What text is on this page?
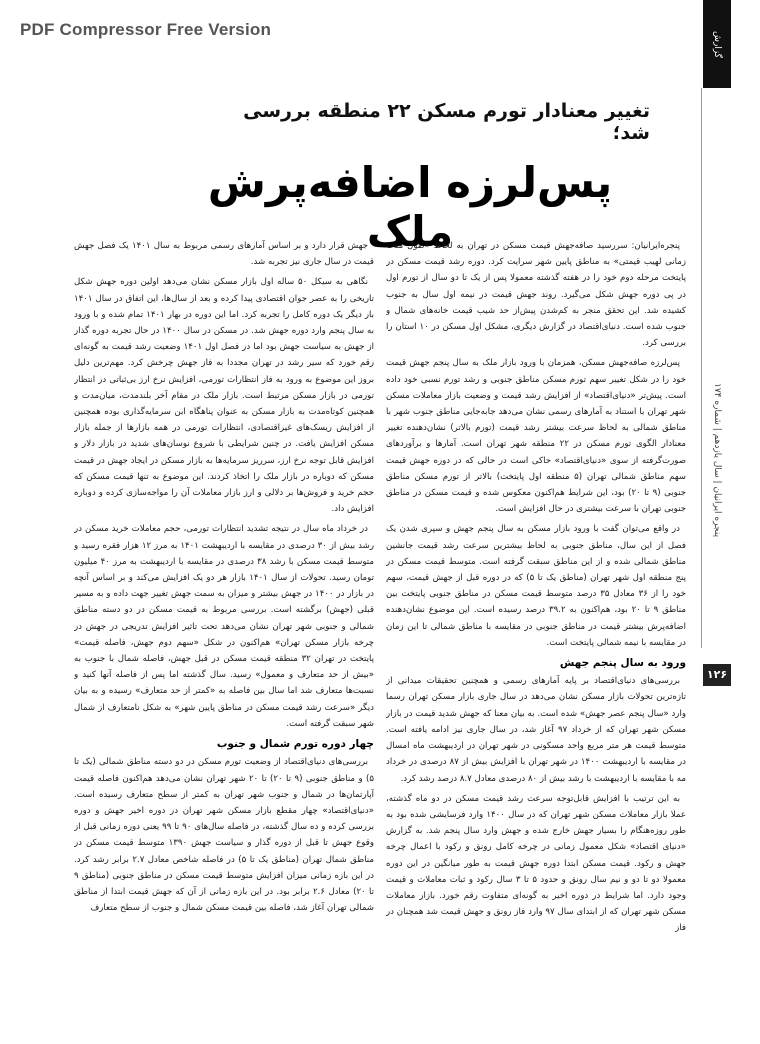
PDF Compressor Free Version
گزارش
پنجره ایرانیان | سال یازدهم | شماره ۱۷۴
۱۲۶
تغییر معنادار تورم مسکن ۲۲ منطقه بررسی شد؛
پس‌لرزه اضافه‌پرش ملک

پنجره‌ایرانیان: سررسید صافه‌جهش قیمت مسکن در تهران به لحاظ «طول مدت زمانی لهیب قیمتی» به مناطق پایین شهر سرایت کرد. دوره رشد قیمت مسکن در پایتخت مرحله دوم خود را در هفته گذشته معمولا پس از یک تا دو سال از تورم اول در پی دوره جهش شکل می‌گیرد. روند جهش قیمت در نیمه اول سال به جنوب کشیده شد. این تحقق منجر به کم‌شدن پیش‌از حد شیب قیمت خانه‌های شمال و جنوب شده است. دنیای‌اقتصاد در گزارش دیگری، مشکل اول مسکن در ۱۰ استان را بررسی کرد.

پس‌لرزه صافه‌جهش مسکن، همزمان با ورود بازار ملک به سال پنجم جهش قیمت خود را در شکل تغییر سهم تورم مسکن مناطق جنوبی و رشد تورم نسبی خود داده است. پیش‌تر «دنیای‌اقتصاد» از افزایش رشد قیمت و وضعیت بازار معاملات مسکن شهر تهران با استناد به آمارهای رسمی نشان می‌دهد جابه‌جایی مناطق جنوب شهر با مناطق شمالی به لحاظ سرعت بیشتر رشد قیمت (تورم بالاتر) نشان‌دهنده تغییر معنادار الگوی تورم مسکن در ۲۲ منطقه شهر تهران است. آمارها و برآوردهای صورت‌گرفته از سوی «دنیای‌اقتصاد» حاکی است در حالی که در دوره جهش قیمت سهم مناطق شمالی تهران (۵ منطقه اول پایتخت) بالاتر از تورم مسکن مناطق جنوبی (۹ تا ۲۰) بود، این شرایط هم‌اکنون معکوس شده و قیمت مسکن در مناطق جنوبی تهران با سرعت بیشتری در حال افزایش است.

در واقع می‌توان گفت با ورود بازار مسکن به سال پنجم جهش و سپری شدن یک فصل از این سال، مناطق جنوبی به لحاظ بیشترین سرعت رشد قیمت جانشین مناطق شمالی شده و از این مناطق سبقت گرفته است. متوسط قیمت مسکن در پنج منطقه اول شهر تهران (مناطق یک تا ۵) که در دوره قبل از جهش قیمت، سهم خود را از ۳۶ معادل ۳۵ درصد متوسط قیمت مسکن در مناطق جنوبی پایتخت بین مناطق ۹ تا ۲۰ بود، هم‌اکنون به ۳۹.۲ درصد رسیده است. این موضوع نشان‌دهنده اضافه‌پرش بیشتر قیمت در مناطق جنوبی در مقایسه با مناطق شمالی تا این زمان در مقایسه با نیمه شمالی پایتخت است.

ورود به سال پنجم جهش

بررسی‌های دنیای‌اقتصاد بر پایه آمارهای رسمی و همچنین تحقیقات میدانی از تازه‌ترین تحولات بازار مسکن نشان می‌دهد در سال جاری بازار مسکن تهران رسما وارد «سال پنجم عصر جهش» شده است. به بیان معنا که جهش شدید قیمت در بازار مسکن شهر تهران که از خرداد ۹۷ آغاز شد، در سال جاری نیز ادامه یافته است. متوسط قیمت هر متر مربع واحد مسکونی در شهر تهران در اردیبهشت ماه امسال در مقایسه با اردیبهشت ۱۴۰۰ در شهر تهران با افزایش بیش از ۸۷ درصدی در خرداد مه با مقایسه با اردیبهشت با رشد بیش از ۸۰ درصدی معادل ۸.۷ درصد رشد کرد.

به این ترتیب با افزایش قابل‌توجه سرعت رشد قیمت مسکن در دو ماه گذشته، عملا بازار معاملات مسکن شهر تهران که در سال ۱۴۰۰ وارد فرسایشی شده بود به طور روزه‌هنگام را بسیار جهش خارج شده و جهش وارد سال پنجم شد. به گزارش «دنیای اقتصاد» شکل معمول زمانی در چرخه کامل رونق و رکود با اعمال چرخه جهش و رکود. قیمت مسکن ابتدا دوره جهش قیمت به طور میانگین در این دوره معمولا دو تا دو و نیم سال رونق و حدود ۵ تا ۳ سال رکود و ثبات معاملات و قیمت وجود دارد. اما شرایط در دوره اخیر به گونه‌ای متفاوت رقم خورد. بازار معاملات مسکن شهر تهران که از ابتدای سال ۹۷ وارد فاز رونق و جهش قیمت شد همچنان در فاز

جهش قرار دارد و بر اساس آمارهای رسمی مربوط به سال ۱۴۰۱ یک فصل جهش قیمت در سال جاری نیز تجربه شد.

نگاهی به سیکل ۵۰ ساله اول بازار مسکن نشان می‌دهد اولین دوره جهش شکل تاریخی را به عصر جوان اقتصادی پیدا کرده و بعد از سال‌ها، این اتفاق در سال ۱۴۰۱ بار دیگر یک دوره کامل را تجربه کرد. اما این دوره در بهار ۱۴۰۱ تمام شده و با ورود به سال پنجم وارد دوره جهش شد. در مسکن در سال ۱۴۰۰ در حال تجربه دوره گذار از جهش به سیاست جهش بود اما در فصل اول ۱۴۰۱ وضعیت رشد قیمت به گونه‌ای رقم خورد که سیر رشد در تهران مجددا به فاز جهش چرخش کرد. مهم‌ترین دلیل بروز این موضوع به ورود به فاز انتظارات تورمی، افزایش نرخ ارز بی‌ثباتی در انتظار تورمی در بازار مسکن مرتبط است. بازار ملک در مقام آخر بلندمدت، میان‌مدت و همچنین کوتاه‌مدت به بازار مسکن به عنوان پناهگاه ابن سرمایه‌گذاری بوده همچنین از افزایش ریسک‌های غیراقتصادی، انتظارات تورمی در همه بازارها از جمله بازار مسکن افزایش یافت. در چنین شرایطی با شروع نوسان‌های شدید در بازار دلار و افزایش قابل توجه نرخ ارز، سرریز سرمایه‌ها به بازار مسکن در ایجاد جهش در قیمت مسکن که دوباره در بازار ملک را اتخاذ کردند. این موضوع به تنها قیمت مسکن که حجم خرید و فروش‌ها بر دلالی و ارز بازار معاملات آن را مواجه‌سازی کرده و دوباره افزایش داد.

در خرداد ماه سال در نتیجه تشدید انتظارات تورمی، حجم معاملات خرید مسکن در رشد بیش از ۳۰ درصدی در مقایسه با اردیبهشت ۱۴۰۱ به مرز ۱۲ هزار فقره رسید و متوسط قیمت مسکن با رشد ۳۸ درصدی در مقایسه با اردیبهشت به مرز ۴۰ میلیون تومان رسید. تحولات از سال ۱۴۰۱ بازار هر دو یک افزایش می‌کند و بر اساس آنچه در بازار در ۱۴۰۰ در جهش بیشتر و میزان به سمت جهش تغییر جهت داده و به مسیر قبلی (جهش) برگشته است. بررسی مربوط به قیمت مسکن در دو دسته مناطق شمالی و جنوبی شهر تهران نشان می‌دهد تحت تاثیر افزایش تدریجی در جهش در چرخه بازار مسکن تهران» هم‌اکنون در شکل «سهم دوم جهش، فاصله قیمت» پایتخت در تهران ۳۲ منطقه قیمت مسکن در قبل جهش، فاصله شمال با جنوب به «بیش از حد متعارف و معمول» رسید. سال گذشته اما پس از فاصله آنها کنید و نسبت‌ها متعارف شد اما سال بین فاصله به «کمتر از حد متعارف» رسیده و به بیان دیگر «سرعت رشد قیمت مسکن در مناطق پایین شهر» به شکل نامتعارف از شمال شهر سبقت گرفته است.

چهار دوره تورم شمال و جنوب

بررسی‌های دنیای‌اقتصاد از وضعیت تورم مسکن در دو دسته مناطق شمالی (یک تا ۵) و مناطق جنوبی (۹ تا ۲۰) تا ۲۰ شهر تهران نشان می‌دهد هم‌اکنون فاصله قیمت آپارتمان‌ها در شمال و جنوب شهر تهران به کمتر از سطح متعارف رسیده است. «دنیای‌اقتصاد» چهار مقطع بازار مسکن شهر تهران در دوره اخیر جهش و دوره بررسی کرده و ده سال گذشته، در فاصله سال‌های ۹۰ تا ۹۹ یعنی دوره زمانی قبل از وقوع جهش تا قبل از دوره گذار و سیاست جهش ۱۳۹۰ متوسط قیمت مسکن در مناطق شمال تهران (مناطق یک تا ۵) در فاصله شاخص معادل ۲.۷ برابر رشد کرد. در این بازه زمانی میزان افزایش متوسط قیمت مسکن در مناطق جنوبی (مناطق ۹ تا ۲۰) معادل ۲.۶ برابر بود. در این بازه زمانی از آن که جهش قیمت ابتدا از مناطق شمالی تهران آغاز شد، فاصله بین قیمت مسکن شمال و جنوب از سطح متعارف
